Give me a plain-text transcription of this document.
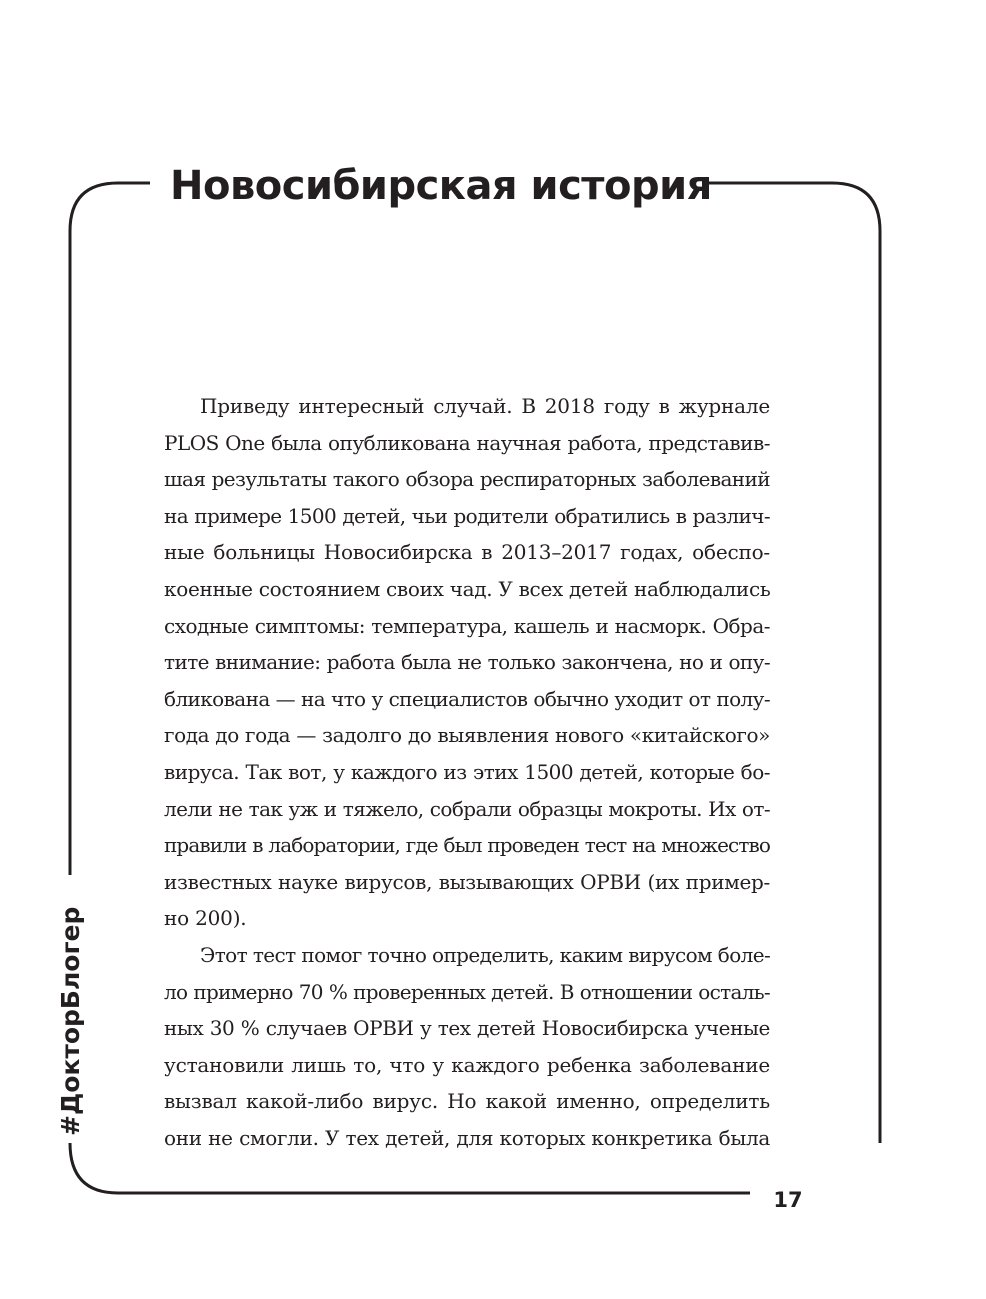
Новосибирская история
#ДокторБлогер
17
Приведу интересный случай. В 2018 году в журнале
PLOS One была опубликована научная работа, представив-
шая результаты такого обзора респираторных заболеваний
на примере 1500 детей, чьи родители обратились в различ-
ные больницы Новосибирска в 2013–2017 годах, обеспо-
коенные состоянием своих чад. У всех детей наблюдались
сходные симптомы: температура, кашель и насморк. Обра-
тите внимание: работа была не только закончена, но и опу-
бликована — на что у специалистов обычно уходит от полу-
года до года — задолго до выявления нового «китайского»
вируса. Так вот, у каждого из этих 1500 детей, которые бо-
лели не так уж и тяжело, собрали образцы мокроты. Их от-
правили в лаборатории, где был проведен тест на множество
известных науке вирусов, вызывающих ОРВИ (их пример-
но 200).
Этот тест помог точно определить, каким вирусом боле-
ло примерно 70 % проверенных детей. В отношении осталь-
ных 30 % случаев ОРВИ у тех детей Новосибирска ученые
установили лишь то, что у каждого ребенка заболевание
вызвал какой-либо вирус. Но какой именно, определить
они не смогли. У тех детей, для которых конкретика была
